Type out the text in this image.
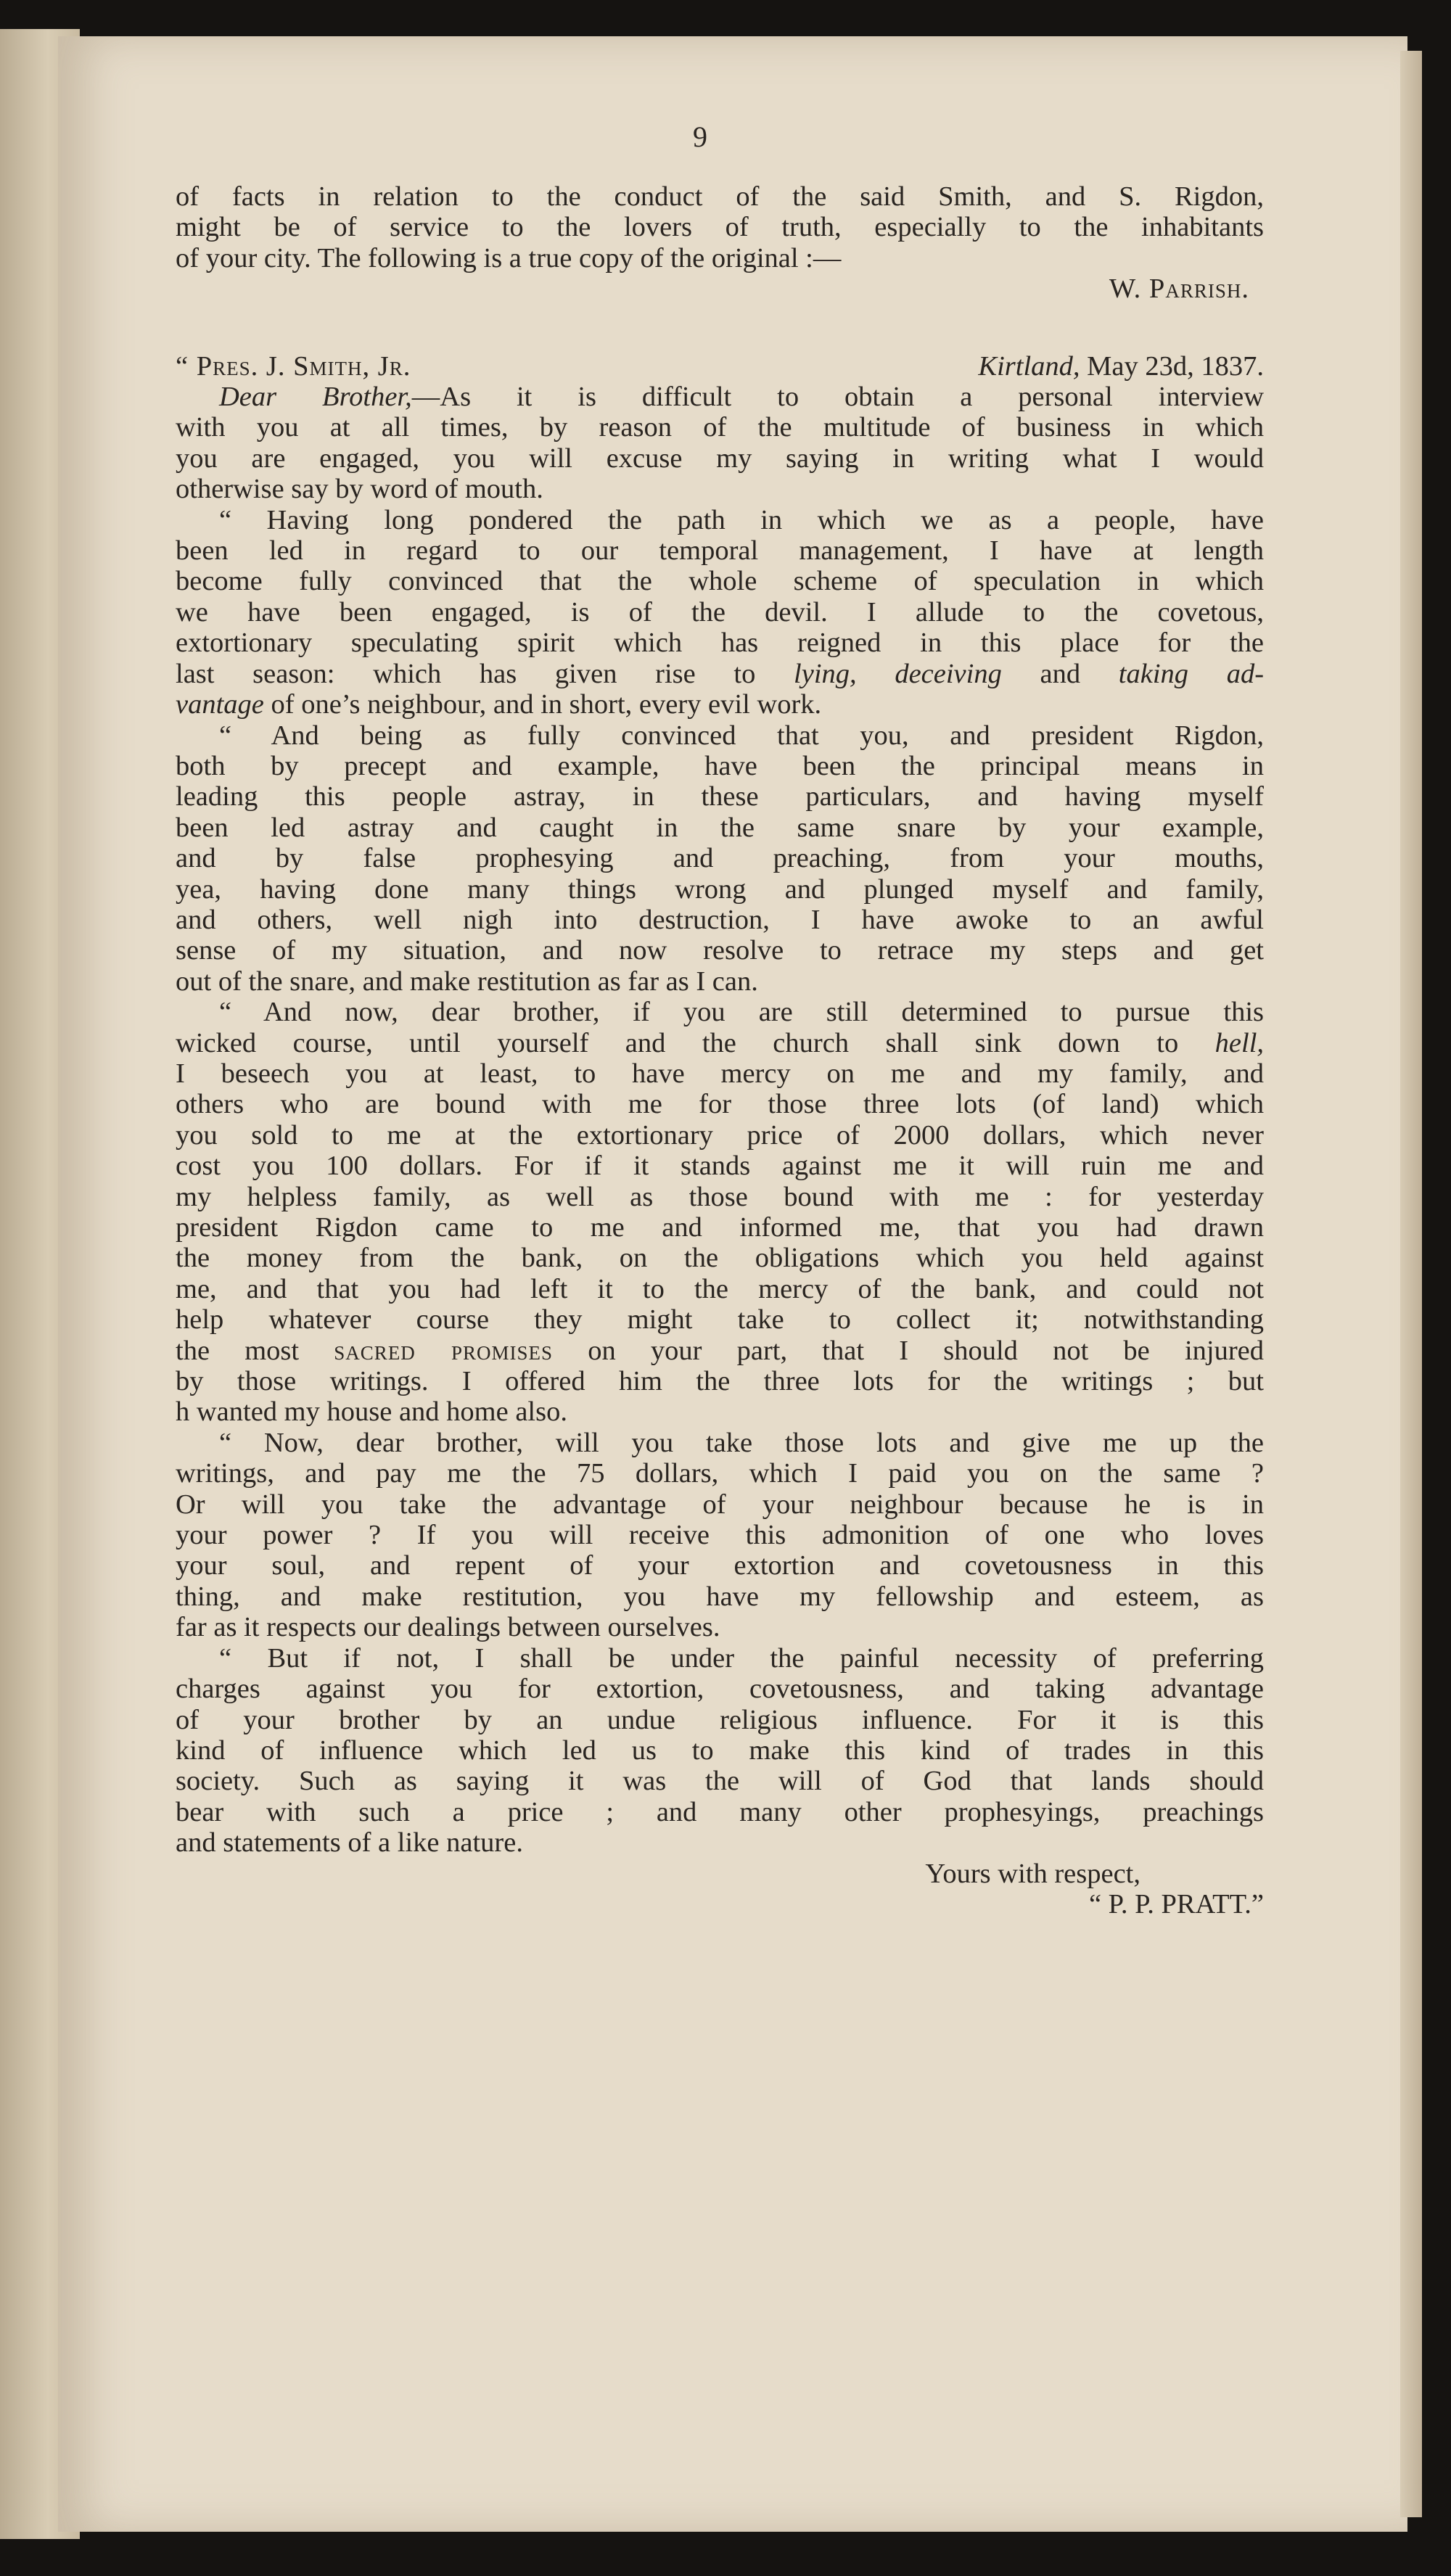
9

of facts in relation to the conduct of the said Smith, and S. Rigdon,
might be of service to the lovers of truth, especially to the inhabitants
of your city. The following is a true copy of the original :—

W. Parrish.
“ Pres. J. Smith, Jr.	Kirtland, May 23d, 1837.

Dear Brother,—As it is difficult to obtain a personal interview
with you at all times, by reason of the multitude of business in which
you are engaged, you will excuse my saying in writing what I would
otherwise say by word of mouth.

“ Having long pondered the path in which we as a people, have
been led in regard to our temporal management, I have at length
become fully convinced that the whole scheme of speculation in which
we have been engaged, is of the devil. I allude to the covetous,
extortionary speculating spirit which has reigned in this place for the
last season: which has given rise to lying, deceiving and taking ad-
vantage of one’s neighbour, and in short, every evil work.

“ And being as fully convinced that you, and president Rigdon,
both by precept and example, have been the principal means in
leading this people astray, in these particulars, and having myself
been led astray and caught in the same snare by your example,
and by false prophesying and preaching, from your mouths,
yea, having done many things wrong and plunged myself and family,
and others, well nigh into destruction, I have awoke to an awful
sense of my situation, and now resolve to retrace my steps and get
out of the snare, and make restitution as far as I can.

“ And now, dear brother, if you are still determined to pursue this
wicked course, until yourself and the church shall sink down to hell,
I beseech you at least, to have mercy on me and my family, and
others who are bound with me for those three lots (of land) which
you sold to me at the extortionary price of 2000 dollars, which never
cost you 100 dollars. For if it stands against me it will ruin me and
my helpless family, as well as those bound with me : for yesterday
president Rigdon came to me and informed me, that you had drawn
the money from the bank, on the obligations which you held against
me, and that you had left it to the mercy of the bank, and could not
help whatever course they might take to collect it; notwithstanding
the most sacred promises on your part, that I should not be injured
by those writings. I offered him the three lots for the writings ; but
h wanted my house and home also.

“ Now, dear brother, will you take those lots and give me up the
writings, and pay me the 75 dollars, which I paid you on the same ?
Or will you take the advantage of your neighbour because he is in
your power ? If you will receive this admonition of one who loves
your soul, and repent of your extortion and covetousness in this
thing, and make restitution, you have my fellowship and esteem, as
far as it respects our dealings between ourselves.

“ But if not, I shall be under the painful necessity of preferring
charges against you for extortion, covetousness, and taking advantage
of your brother by an undue religious influence. For it is this
kind of influence which led us to make this kind of trades in this
society. Such as saying it was the will of God that lands should
bear with such a price ; and many other prophesyings, preachings
and statements of a like nature.

Yours with respect,
“ P. P. PRATT.”
